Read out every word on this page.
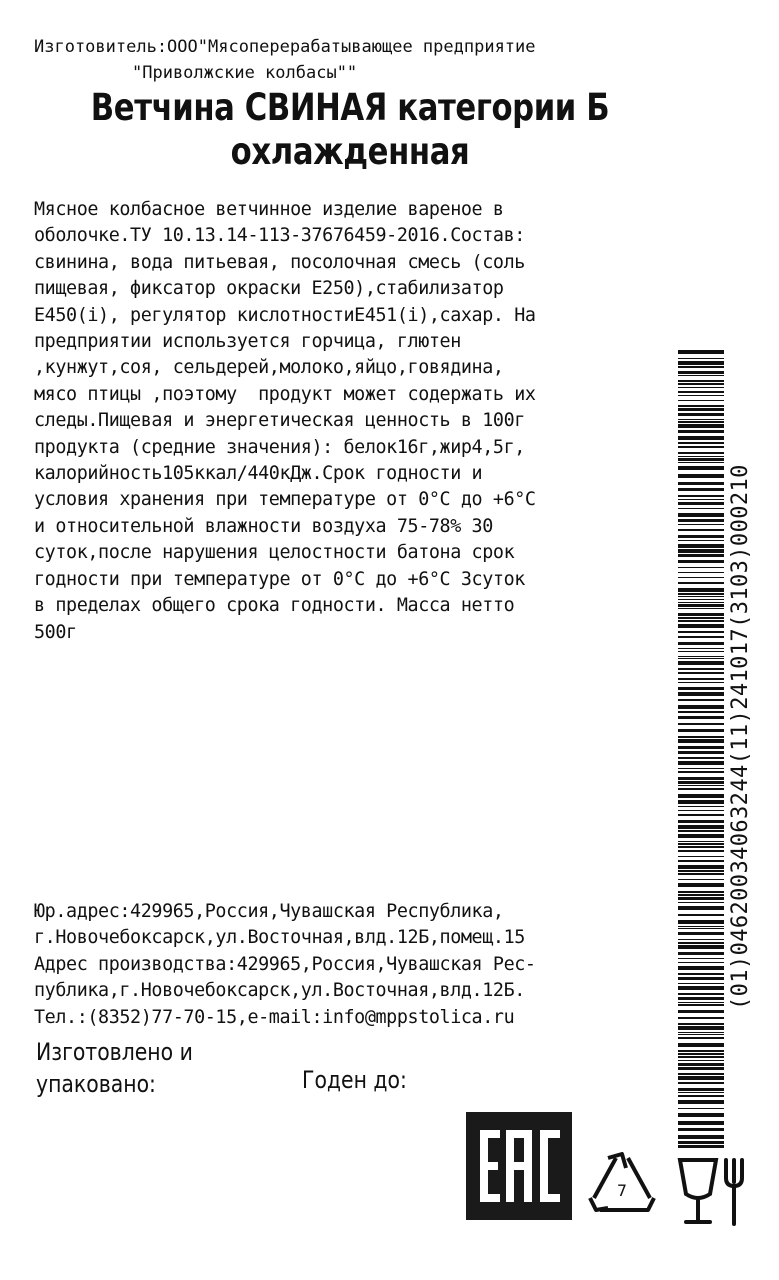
Изготовитель:ООО"Мясоперерабатывающее предприятие
"Приволжские колбасы""
Ветчина СВИНАЯ категории Б
охлажденная
Мясное колбасное ветчинное изделие вареное в
оболочке.ТУ 10.13.14-113-37676459-2016.Состав:
свинина, вода питьевая, посолочная смесь (соль
пищевая, фиксатор окраски Е250),стабилизатор
Е450(i), регулятор кислотностиЕ451(i),сахар. На
предприятии используется горчица, глютен
,кунжут,соя, сельдерей,молоко,яйцо,говядина,
мясо птицы ,поэтому  продукт может содержать их
следы.Пищевая и энергетическая ценность в 100г
продукта (средние значения): белок16г,жир4,5г,
калорийность105ккал/440кДж.Срок годности и
условия хранения при температуре от 0°С до +6°С
и относительной влажности воздуха 75-78% 30
суток,после нарушения целостности батона срок
годности при температуре от 0°С до +6°С 3суток
в пределах общего срока годности. Масса нетто
500г
Юр.адрес:429965,Россия,Чувашская Республика,
г.Новочебоксарск,ул.Восточная,влд.12Б,помещ.15
Адрес производства:429965,Россия,Чувашская Рес-
публика,г.Новочебоксарск,ул.Восточная,влд.12Б.
Тел.:(8352)77-70-15,e-mail:info@mppstolica.ru
Изготовлено и
упаковано:	Годен до:
(01)04620034063244(11)241017(3103)000210
7
